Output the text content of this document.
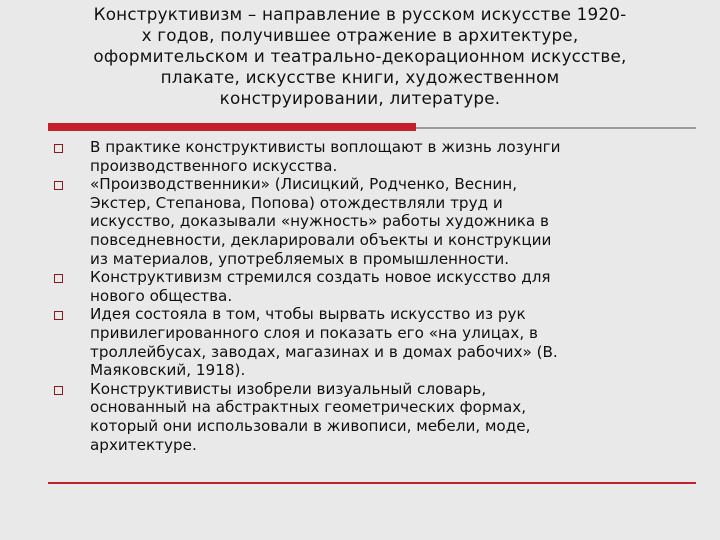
Конструктивизм – направление в русском искусстве 1920-
х годов, получившее отражение в архитектуре,
оформительском и театрально-декорационном искусстве,
плакате, искусстве книги, художественном
конструировании, литературе.
В практике конструктивисты воплощают в жизнь лозунги
производственного искусства.
«Производственники» (Лисицкий, Родченко, Веснин,
Экстер, Степанова, Попова) отождествляли труд и
искусство, доказывали «нужность» работы художника в
повседневности, декларировали объекты и конструкции
из материалов, употребляемых в промышленности.
Конструктивизм стремился создать новое искусство для
нового общества.
Идея состояла в том, чтобы вырвать искусство из рук
привилегированного слоя и показать его «на улицах, в
троллейбусах, заводах, магазинах и в домах рабочих» (В.
Маяковский, 1918).
Конструктивисты изобрели визуальный словарь,
основанный на абстрактных геометрических формах,
который они использовали в живописи, мебели, моде,
архитектуре.
